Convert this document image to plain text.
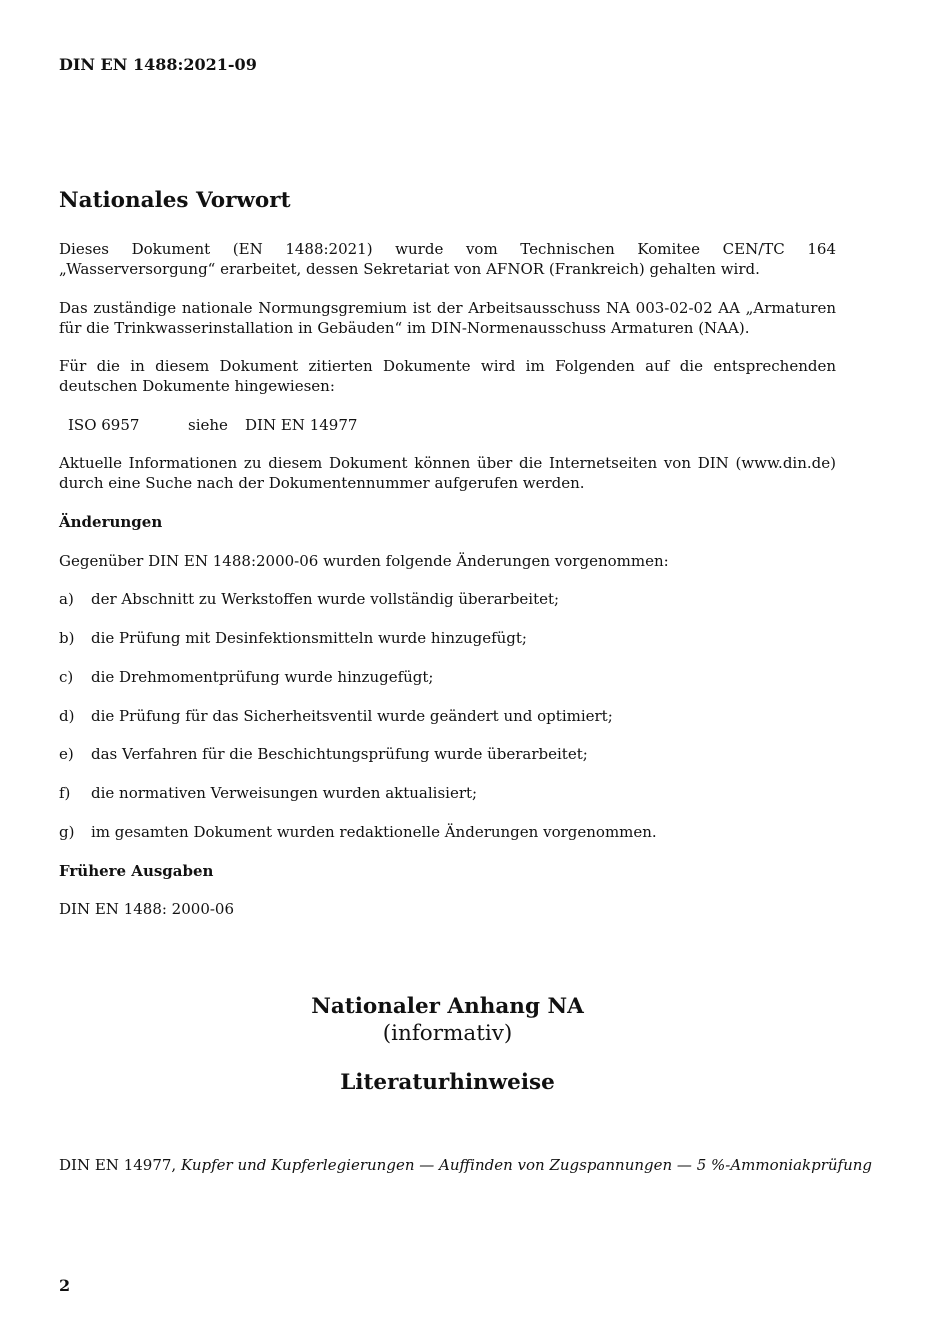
DIN EN 1488:2021-09
Nationales Vorwort

Dieses Dokument (EN 1488:2021) wurde vom Technischen Komitee CEN/TC 164 „Wasserversorgung“ erarbeitet, dessen Sekretariat von AFNOR (Frankreich) gehalten wird.

Das zuständige nationale Normungsgremium ist der Arbeitsausschuss NA 003-02-02 AA „Armaturen für die Trinkwasserinstallation in Gebäuden“ im DIN-Normenausschuss Armaturen (NAA).

Für die in diesem Dokument zitierten Dokumente wird im Folgenden auf die entsprechenden deutschen Dokumente hingewiesen:

ISO 6957	siehe DIN EN 14977

Aktuelle Informationen zu diesem Dokument können über die Internetseiten von DIN (www.din.de) durch eine Suche nach der Dokumentennummer aufgerufen werden.

Änderungen

Gegenüber DIN EN 1488:2000-06 wurden folgende Änderungen vorgenommen:

a) der Abschnitt zu Werkstoffen wurde vollständig überarbeitet;
b) die Prüfung mit Desinfektionsmitteln wurde hinzugefügt;
c) die Drehmomentprüfung wurde hinzugefügt;
d) die Prüfung für das Sicherheitsventil wurde geändert und optimiert;
e) das Verfahren für die Beschichtungsprüfung wurde überarbeitet;
f) die normativen Verweisungen wurden aktualisiert;
g) im gesamten Dokument wurden redaktionelle Änderungen vorgenommen.
Frühere Ausgaben

DIN EN 1488: 2000-06

Nationaler Anhang NA
(informativ)
Literaturhinweise
DIN EN 14977, Kupfer und Kupferlegierungen — Auffinden von Zugspannungen — 5 %-Ammoniakprüfung
2
